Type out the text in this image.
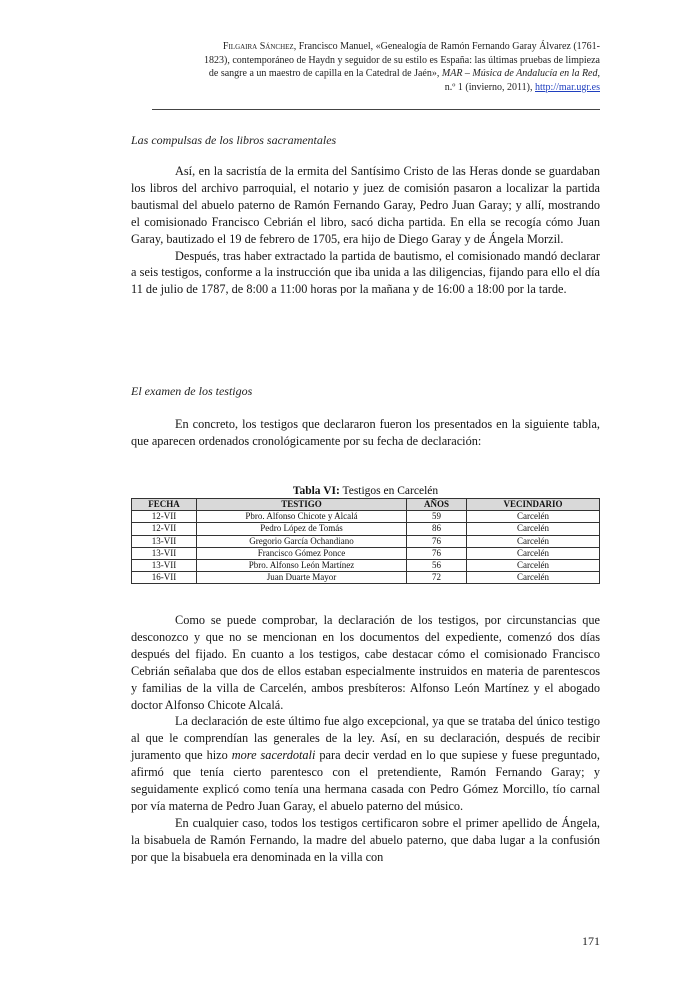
Filgaira Sánchez, Francisco Manuel, «Genealogía de Ramón Fernando Garay Álvarez (1761-
1823), contemporáneo de Haydn y seguidor de su estilo es España: las últimas pruebas de limpieza
de sangre a un maestro de capilla en la Catedral de Jaén», MAR – Música de Andalucía en la Red,
n.º 1 (invierno, 2011), http://mar.ugr.es
Las compulsas de los libros sacramentales

Así, en la sacristía de la ermita del Santísimo Cristo de las Heras donde se guardaban los libros del archivo parroquial, el notario y juez de comisión pasaron a localizar la partida bautismal del abuelo paterno de Ramón Fernando Garay, Pedro Juan Garay; y allí, mostrando el comisionado Francisco Cebrián el libro, sacó dicha partida. En ella se recogía cómo Juan Garay, bautizado el 19 de febrero de 1705, era hijo de Diego Garay y de Ángela Morzil.

Después, tras haber extractado la partida de bautismo, el comisionado mandó declarar a seis testigos, conforme a la instrucción que iba unida a las diligencias, fijando para ello el día 11 de julio de 1787, de 8:00 a 11:00 horas por la mañana y de 16:00 a 18:00 por la tarde.

El examen de los testigos

En concreto, los testigos que declararon fueron los presentados en la siguiente tabla, que aparecen ordenados cronológicamente por su fecha de declaración:

Tabla VI: Testigos en Carcelén
FECHA	TESTIGO	AÑOS	VECINDARIO
12-VII	Pbro. Alfonso Chicote y Alcalá	59	Carcelén
12-VII	Pedro López de Tomás	86	Carcelén
13-VII	Gregorio García Ochandiano	76	Carcelén
13-VII	Francisco Gómez Ponce	76	Carcelén
13-VII	Pbro. Alfonso León Martínez	56	Carcelén
16-VII	Juan Duarte Mayor	72	Carcelén

Como se puede comprobar, la declaración de los testigos, por circunstancias que desconozco y que no se mencionan en los documentos del expediente, comenzó dos días después del fijado. En cuanto a los testigos, cabe destacar cómo el comisionado Francisco Cebrián señalaba que dos de ellos estaban especialmente instruidos en materia de parentescos y familias de la villa de Carcelén, ambos presbíteros: Alfonso León Martínez y el abogado doctor Alfonso Chicote Alcalá.

La declaración de este último fue algo excepcional, ya que se trataba del único testigo al que le comprendían las generales de la ley. Así, en su declaración, después de recibir juramento que hizo more sacerdotali para decir verdad en lo que supiese y fuese preguntado, afirmó que tenía cierto parentesco con el pretendiente, Ramón Fernando Garay; y seguidamente explicó como tenía una hermana casada con Pedro Gómez Morcillo, tío carnal por vía materna de Pedro Juan Garay, el abuelo paterno del músico.

En cualquier caso, todos los testigos certificaron sobre el primer apellido de Ángela, la bisabuela de Ramón Fernando, la madre del abuelo paterno, que daba lugar a la confusión por que la bisabuela era denominada en la villa con

171
